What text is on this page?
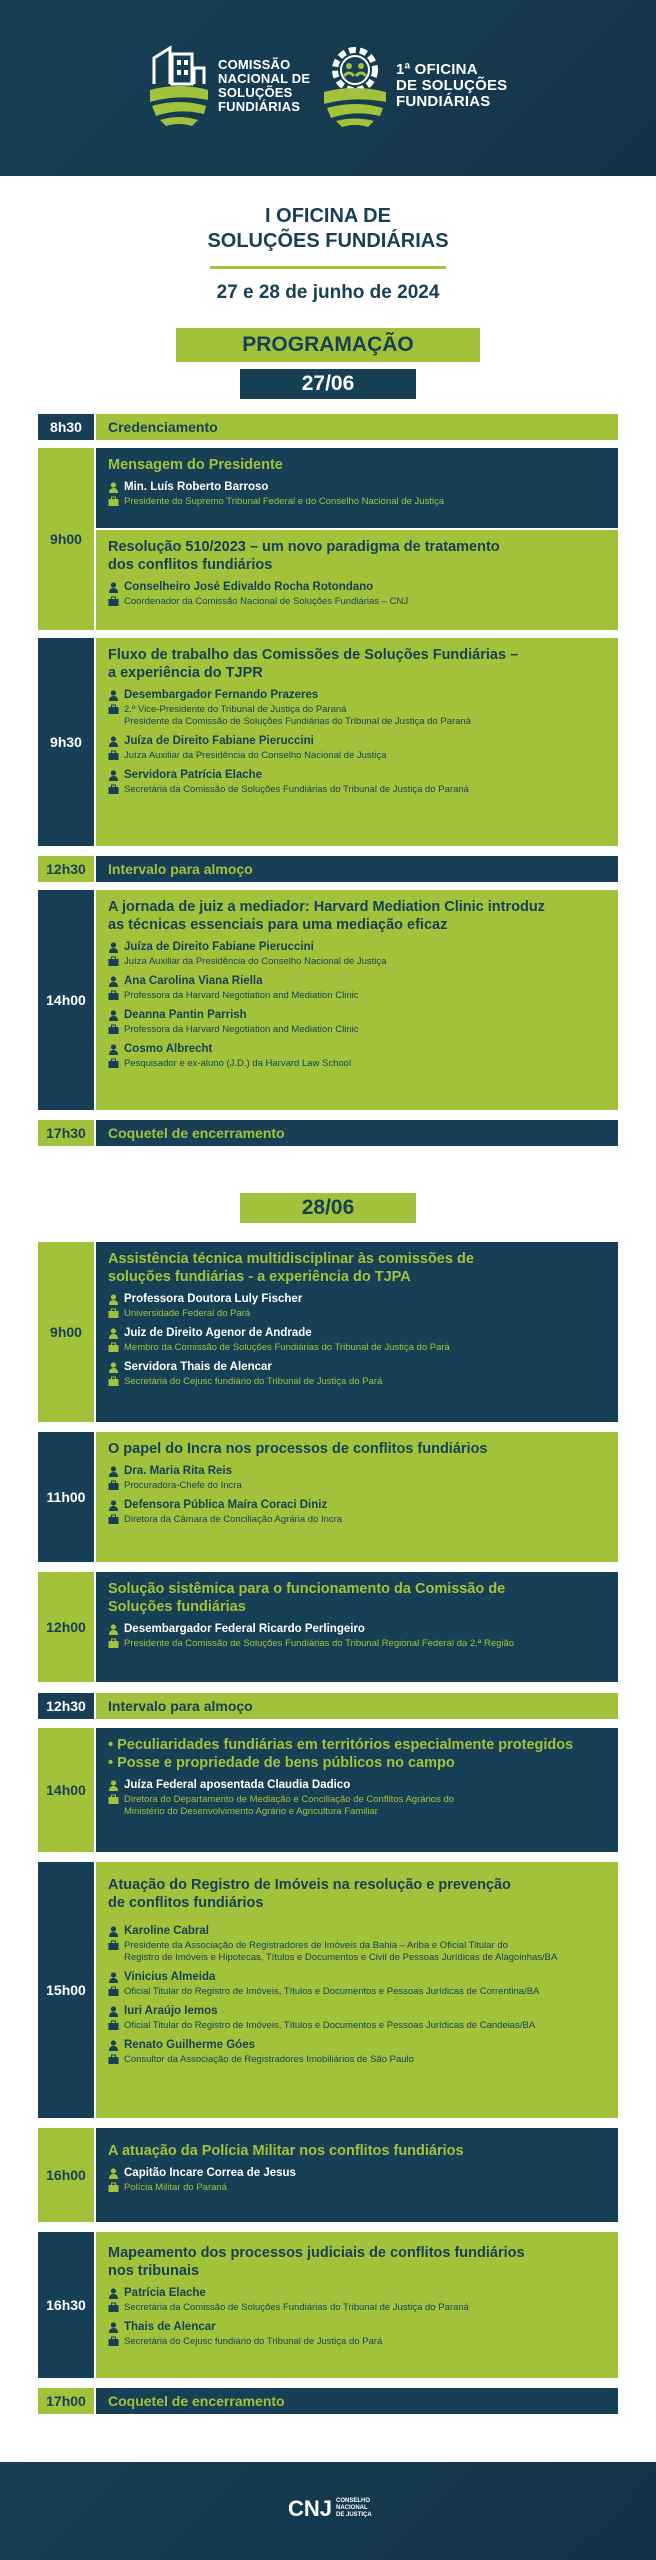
COMISSÃO
NACIONAL DE
SOLUÇÕES
FUNDIÁRIAS
1ª OFICINA
DE SOLUÇÕES
FUNDIÁRIAS
I OFICINA DE
SOLUÇÕES FUNDIÁRIAS
27 e 28 de junho de 2024
PROGRAMAÇÃO
27/06
8h30	Credenciamento
9h00
Mensagem do Presidente
Min. Luís Roberto Barroso
Presidente do Supremo Tribunal Federal e do Conselho Nacional de Justiça
Resolução 510/2023 – um novo paradigma de tratamento
dos conflitos fundiários
Conselheiro José Edivaldo Rocha Rotondano
Coordenador da Comissão Nacional de Soluções Fundiárias – CNJ
9h30
Fluxo de trabalho das Comissões de Soluções Fundiárias –
a experiência do TJPR
Desembargador Fernando Prazeres
2.º Vice-Presidente do Tribunal de Justiça do Paraná
Presidente da Comissão de Soluções Fundiárias do Tribunal de Justiça do Paraná
Juíza de Direito Fabiane Pieruccini
Juíza Auxiliar da Presidência do Conselho Nacional de Justiça
Servidora Patrícia Elache
Secretária da Comissão de Soluções Fundiárias do Tribunal de Justiça do Paraná
12h30	Intervalo para almoço
14h00
A jornada de juiz a mediador: Harvard Mediation Clinic introduz
as técnicas essenciais para uma mediação eficaz
Juíza de Direito Fabiane Pieruccini
Juíza Auxiliar da Presidência do Conselho Nacional de Justiça
Ana Carolina Viana Riella
Professora da Harvard Negotiation and Mediation Clinic
Deanna Pantin Parrish
Professora da Harvard Negotiation and Mediation Clinic
Cosmo Albrecht
Pesquisador e ex-aluno (J.D.) da Harvard Law School
17h30	Coquetel de encerramento
28/06
9h00
Assistência técnica multidisciplinar às comissões de
soluções fundiárias - a experiência do TJPA
Professora Doutora Luly Fischer
Universidade Federal do Pará
Juiz de Direito Agenor de Andrade
Membro da Comissão de Soluções Fundiárias do Tribunal de Justiça do Pará
Servidora Thais de Alencar
Secretária do Cejusc fundiário do Tribunal de Justiça do Pará
11h00
O papel do Incra nos processos de conflitos fundiários
Dra. Maria Rita Reis
Procuradora-Chefe do Incra
Defensora Pública Maíra Coraci Diniz
Diretora da Câmara de Conciliação Agrária do Incra
12h00
Solução sistêmica para o funcionamento da Comissão de
Soluções fundiárias
Desembargador Federal Ricardo Perlingeiro
Presidente da Comissão de Soluções Fundiárias do Tribunal Regional Federal da 2.ª Região
12h30	Intervalo para almoço
14h00
• Peculiaridades fundiárias em territórios especialmente protegidos
• Posse e propriedade de bens públicos no campo
Juíza Federal aposentada Claudia Dadico
Diretora do Departamento de Mediação e Conciliação de Conflitos Agrários do
Ministério do Desenvolvimento Agrário e Agricultura Familiar
15h00
Atuação do Registro de Imóveis na resolução e prevenção
de conflitos fundiários
Karoline Cabral
Presidente da Associação de Registradores de Imóveis da Bahia – Ariba e Oficial Titular do
Registro de Imóveis e Hipotecas, Títulos e Documentos e Civil de Pessoas Jurídicas de Alagoinhas/BA
Vinicius Almeida
Oficial Titular do Registro de Imóveis, Títulos e Documentos e Pessoas Jurídicas de Correntina/BA
Iuri Araújo Iemos
Oficial Titular do Registro de Imóveis, Títulos e Documentos e Pessoas Jurídicas de Candeias/BA
Renato Guilherme Góes
Consultor da Associação de Registradores Imobiliários de São Paulo
16h00
A atuação da Polícia Militar nos conflitos fundiários
Capitão Incare Correa de Jesus
Polícia Militar do Paraná
16h30
Mapeamento dos processos judiciais de conflitos fundiários
nos tribunais
Patrícia Elache
Secretária da Comissão de Soluções Fundiárias do Tribunal de Justiça do Paraná
Thais de Alencar
Secretária do Cejusc fundiário do Tribunal de Justiça do Pará
17h00	Coquetel de encerramento
CNJ CONSELHO
NACIONAL
DE JUSTIÇA
